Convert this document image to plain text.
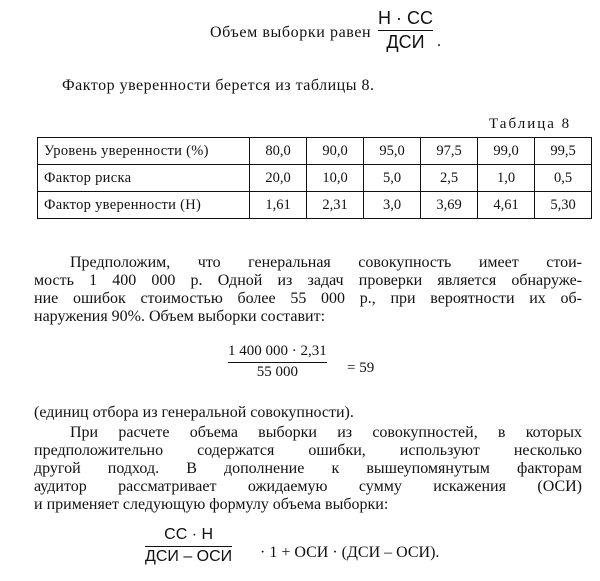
Объем выборки равен
Н · СС
ДСИ .
Фактор уверенности берется из таблицы 8.
Таблица 8
Уровень уверенности (%)	80,0	90,0	95,0	97,5	99,0	99,5
Фактор риска	20,0	10,0	5,0	2,5	1,0	0,5
Фактор уверенности (Н)	1,61	2,31	3,0	3,69	4,61	5,30
Предположим, что генеральная совокупность имеет стои-
мость 1 400 000 р. Одной из задач проверки является обнаруже-
ние ошибок стоимостью более 55 000 р., при вероятности их об-
наружения 90%. Объем выборки составит:
1 400 000 · 2,31
55 000	= 59
(единиц отбора из генеральной совокупности).
При расчете объема выборки из совокупностей, в которых
предположительно содержатся ошибки, используют несколько
другой подход. В дополнение к вышеупомянутым факторам
аудитор рассматривает ожидаемую сумму искажения (ОСИ)
и применяет следующую формулу объема выборки:
СС · Н
ДСИ – ОСИ · 1 + ОСИ · (ДСИ – ОСИ).
